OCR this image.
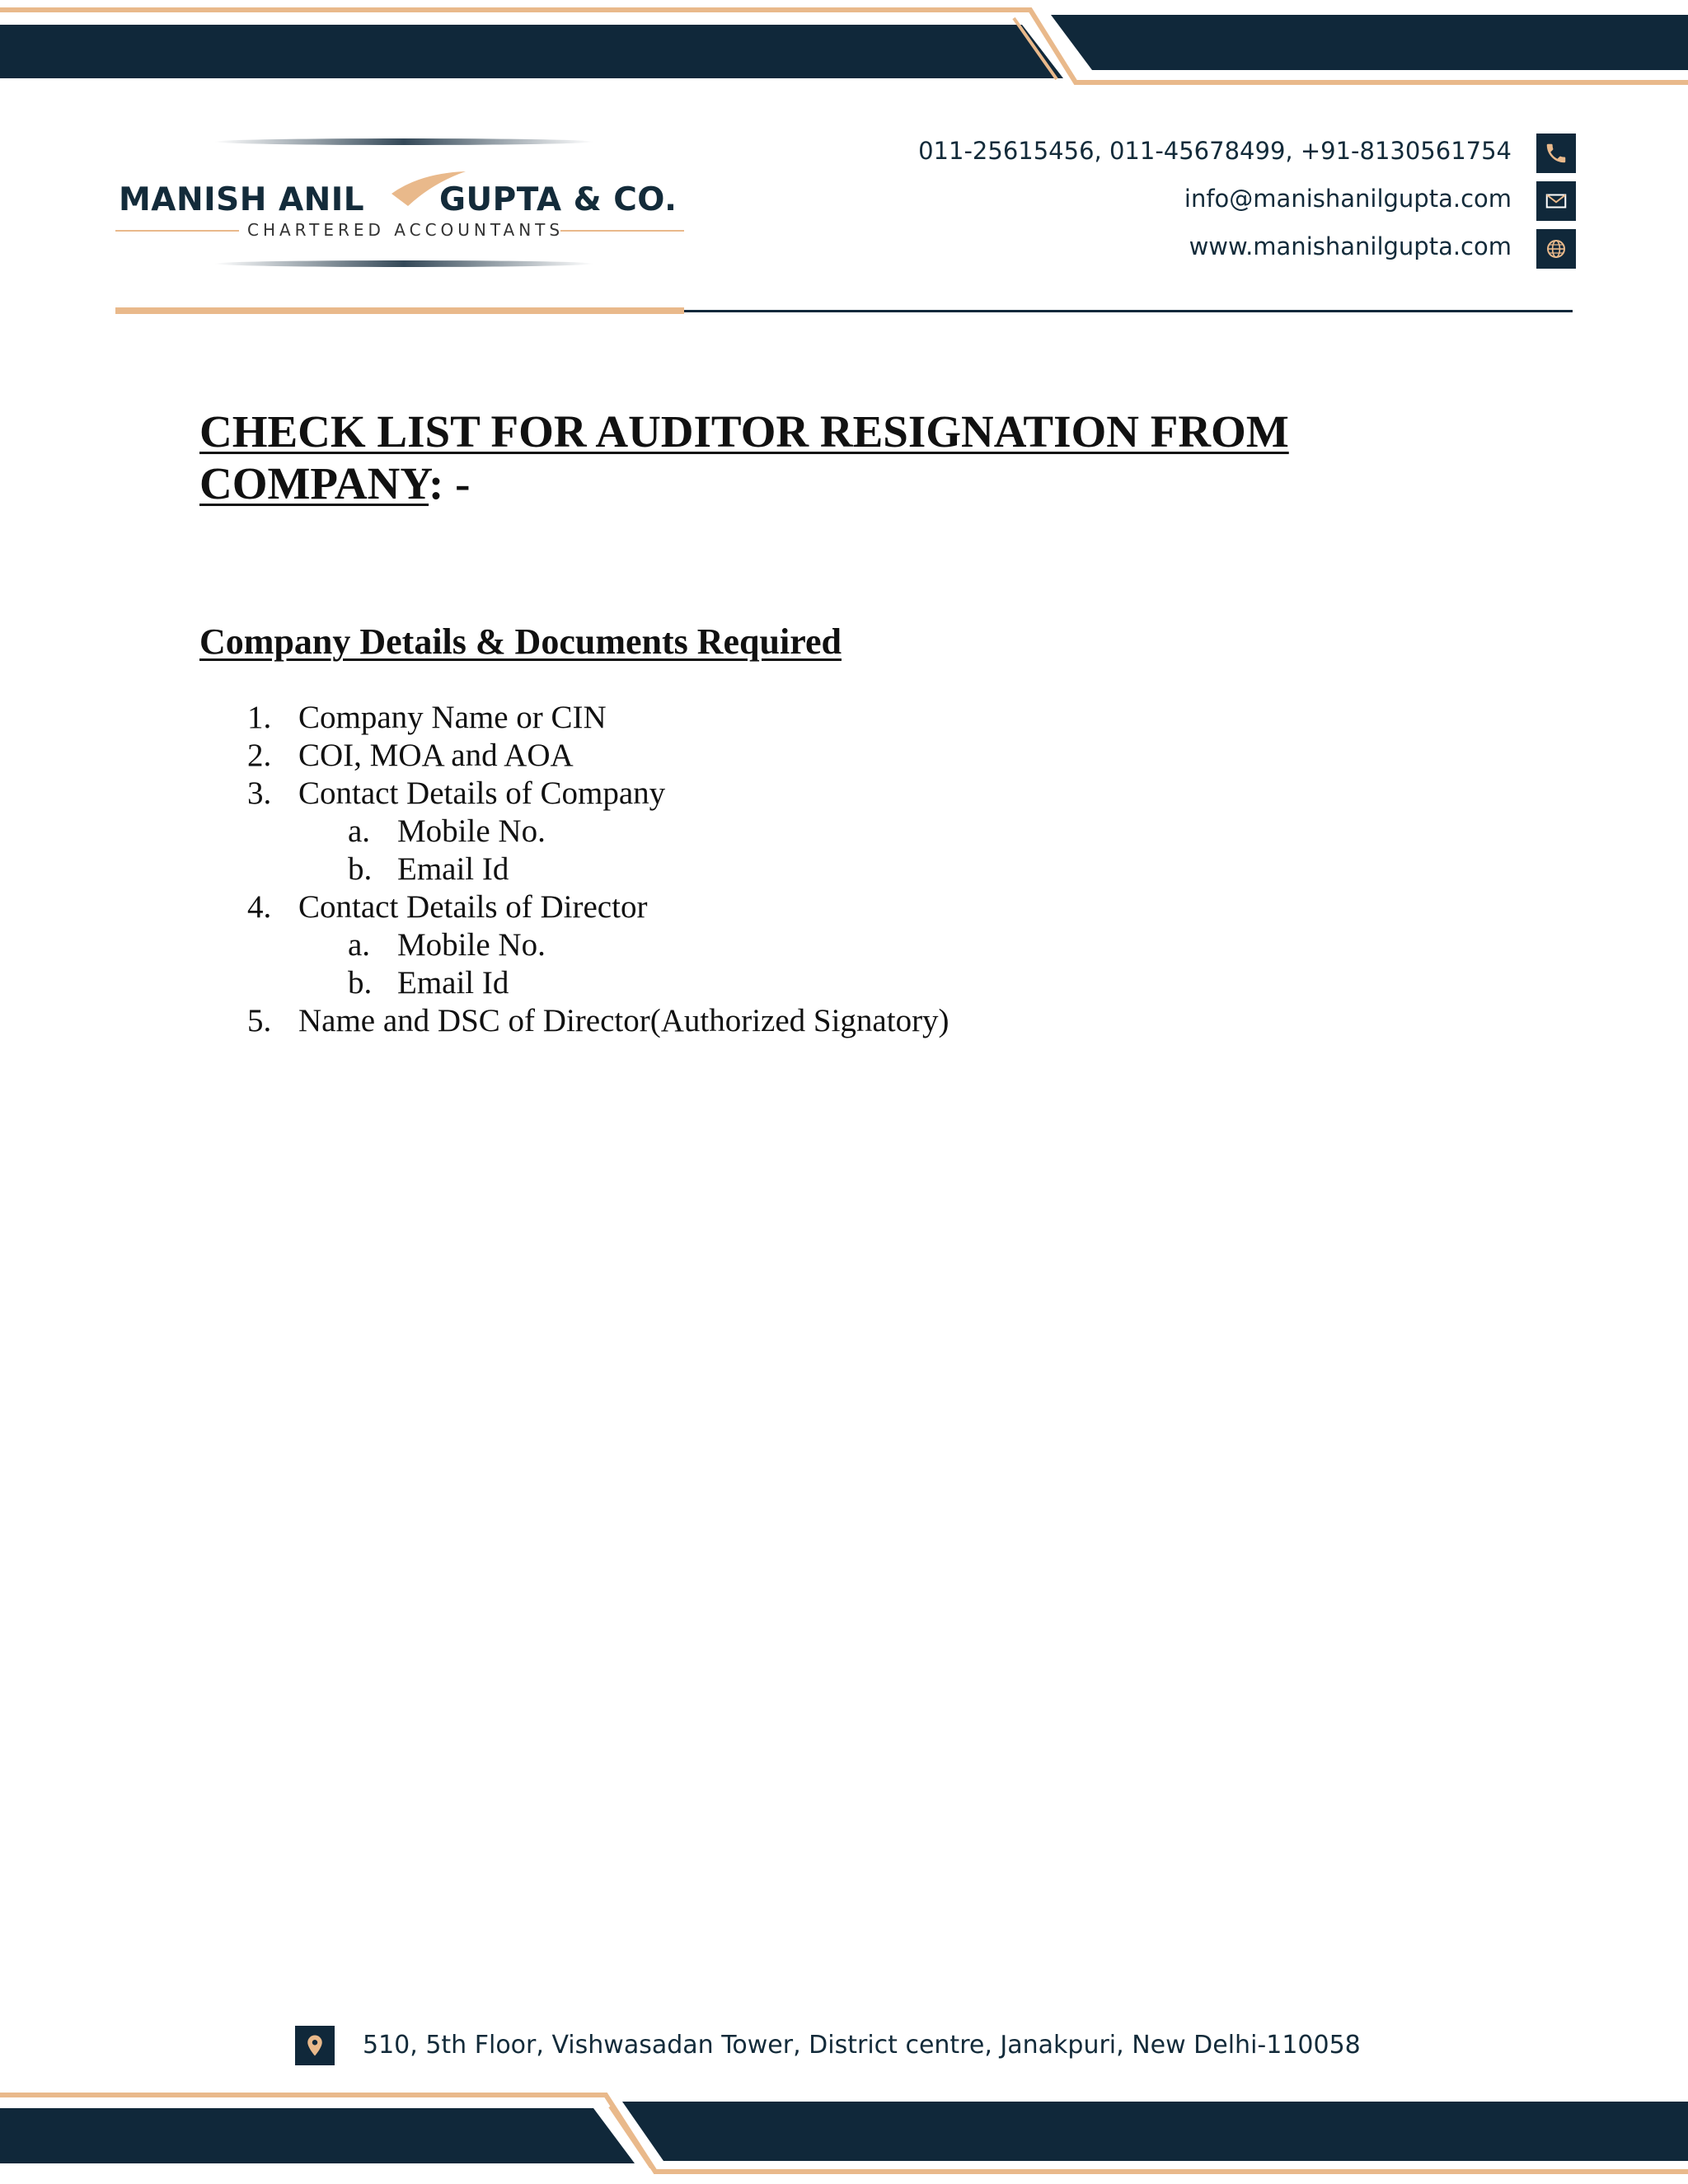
MANISH ANIL GUPTA & CO.
CHARTERED ACCOUNTANTS
011-25615456, 011-45678499, +91-8130561754
info@manishanilgupta.com
www.manishanilgupta.com
CHECK LIST FOR AUDITOR RESIGNATION FROM
COMPANY: -
Company Details & Documents Required
1. Company Name or CIN
2. COI, MOA and AOA
3. Contact Details of Company
a. Mobile No.
b. Email Id
4. Contact Details of Director
a. Mobile No.
b. Email Id
5. Name and DSC of Director(Authorized Signatory)
510, 5th Floor, Vishwasadan Tower, District centre, Janakpuri, New Delhi-110058
